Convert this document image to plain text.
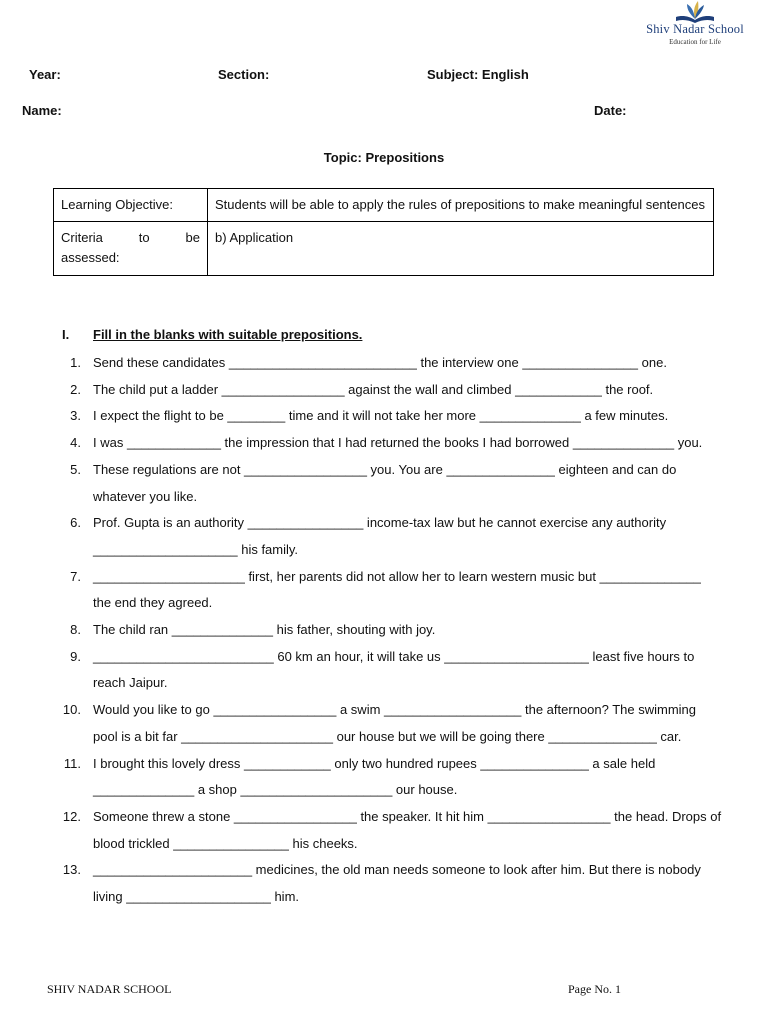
Shiv Nadar School
Education for Life
Year:	Section:	Subject: English
Name:	Date:
Topic: Prepositions
Learning Objective:	Students will be able to apply the rules of prepositions to make meaningful sentences

Criteria to be
assessed:	b) Application
I. Fill in the blanks with suitable prepositions.
1. Send these candidates __________________________ the interview one ________________ one.
2. The child put a ladder _________________ against the wall and climbed ____________ the roof.
3. I expect the flight to be ________ time and it will not take her more ______________ a few minutes.
4. I was _____________ the impression that I had returned the books I had borrowed ______________ you.
5. These regulations are not _________________ you. You are _______________ eighteen and can do whatever you like.
6. Prof. Gupta is an authority ________________ income-tax law but he cannot exercise any authority ____________________ his family.
7. _____________________ first, her parents did not allow her to learn western music but ______________ the end they agreed.
8. The child ran ______________ his father, shouting with joy.
9. _________________________ 60 km an hour, it will take us ____________________ least five hours to reach Jaipur.
10. Would you like to go _________________ a swim ___________________ the afternoon? The swimming pool is a bit far _____________________ our house but we will be going there _______________ car.
11. I brought this lovely dress ____________ only two hundred rupees _______________ a sale held ______________ a shop _____________________ our house.
12. Someone threw a stone _________________ the speaker. It hit him _________________ the head. Drops of blood trickled ________________ his cheeks.
13. ______________________ medicines, the old man needs someone to look after him. But there is nobody living ____________________ him.
SHIV NADAR SCHOOL	Page No. 1
